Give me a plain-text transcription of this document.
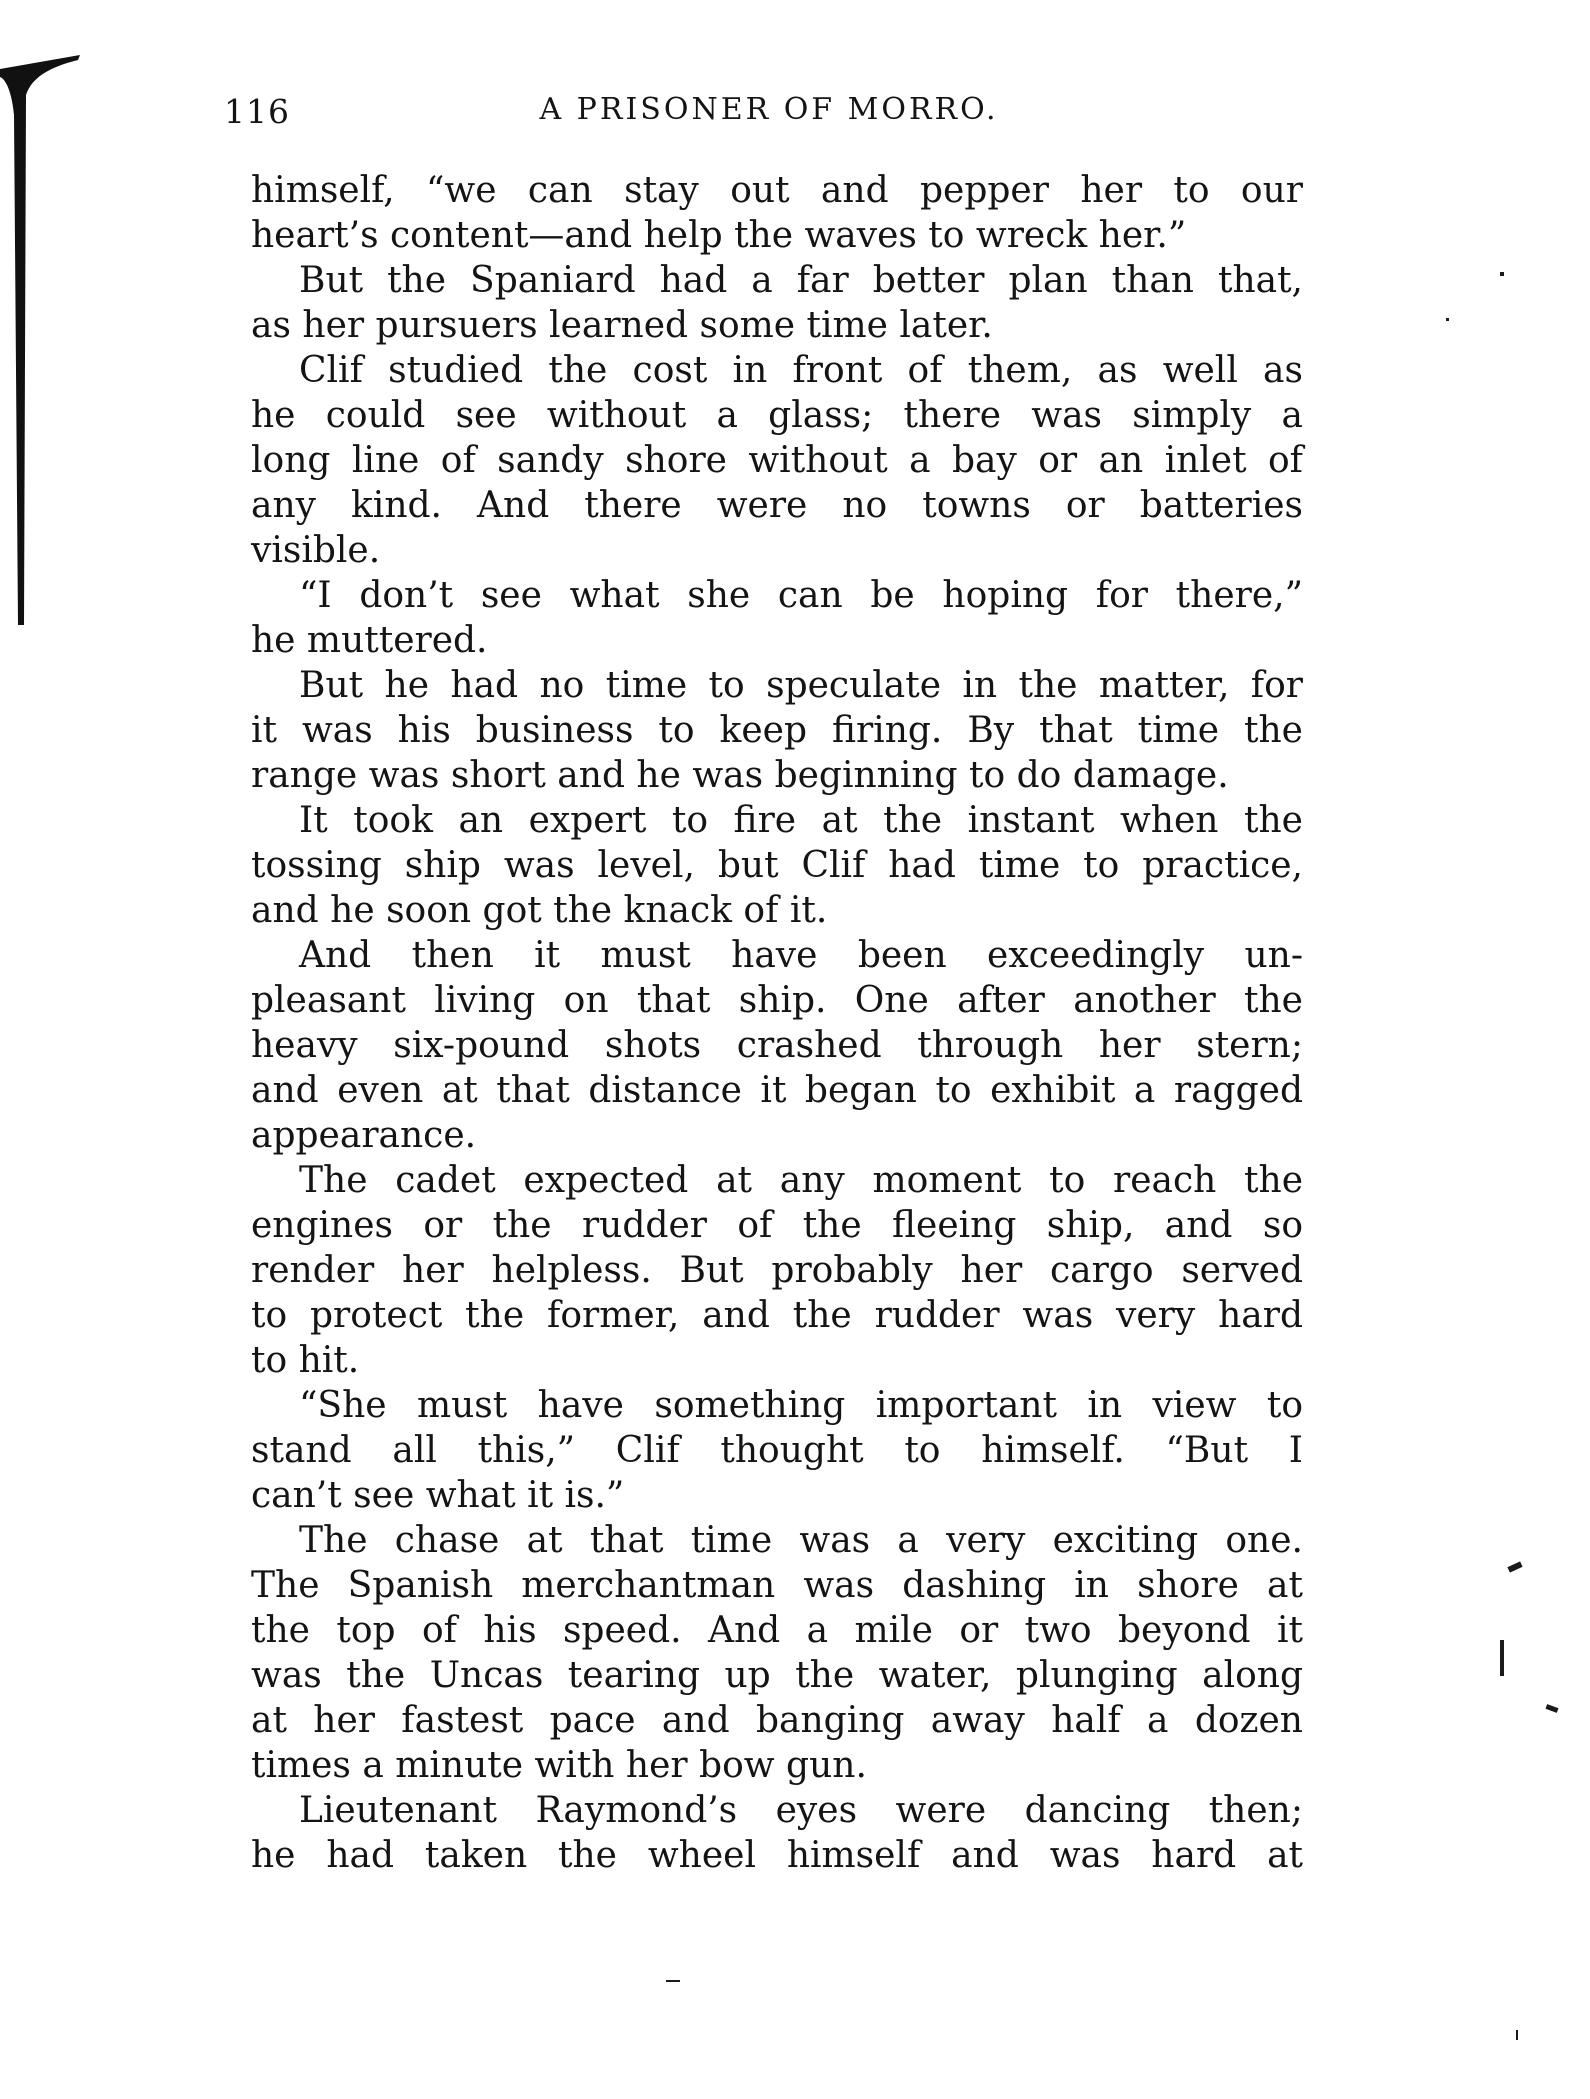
116	A PRISONER OF MORRO.
himself, “we can stay out and pepper her to our
heart’s content—and help the waves to wreck her.”
But the Spaniard had a far better plan than that,
as her pursuers learned some time later.
Clif studied the cost in front of them, as well as
he could see without a glass; there was simply a
long line of sandy shore without a bay or an inlet of
any kind. And there were no towns or batteries
visible.
“I don’t see what she can be hoping for there,”
he muttered.
But he had no time to speculate in the matter, for
it was his business to keep firing. By that time the
range was short and he was beginning to do damage.
It took an expert to fire at the instant when the
tossing ship was level, but Clif had time to practice,
and he soon got the knack of it.
And then it must have been exceedingly un-
pleasant living on that ship. One after another the
heavy six-pound shots crashed through her stern;
and even at that distance it began to exhibit a ragged
appearance.
The cadet expected at any moment to reach the
engines or the rudder of the fleeing ship, and so
render her helpless. But probably her cargo served
to protect the former, and the rudder was very hard
to hit.
“She must have something important in view to
stand all this,” Clif thought to himself. “But I
can’t see what it is.”
The chase at that time was a very exciting one.
The Spanish merchantman was dashing in shore at
the top of his speed. And a mile or two beyond it
was the Uncas tearing up the water, plunging along
at her fastest pace and banging away half a dozen
times a minute with her bow gun.
Lieutenant Raymond’s eyes were dancing then;
he had taken the wheel himself and was hard at
